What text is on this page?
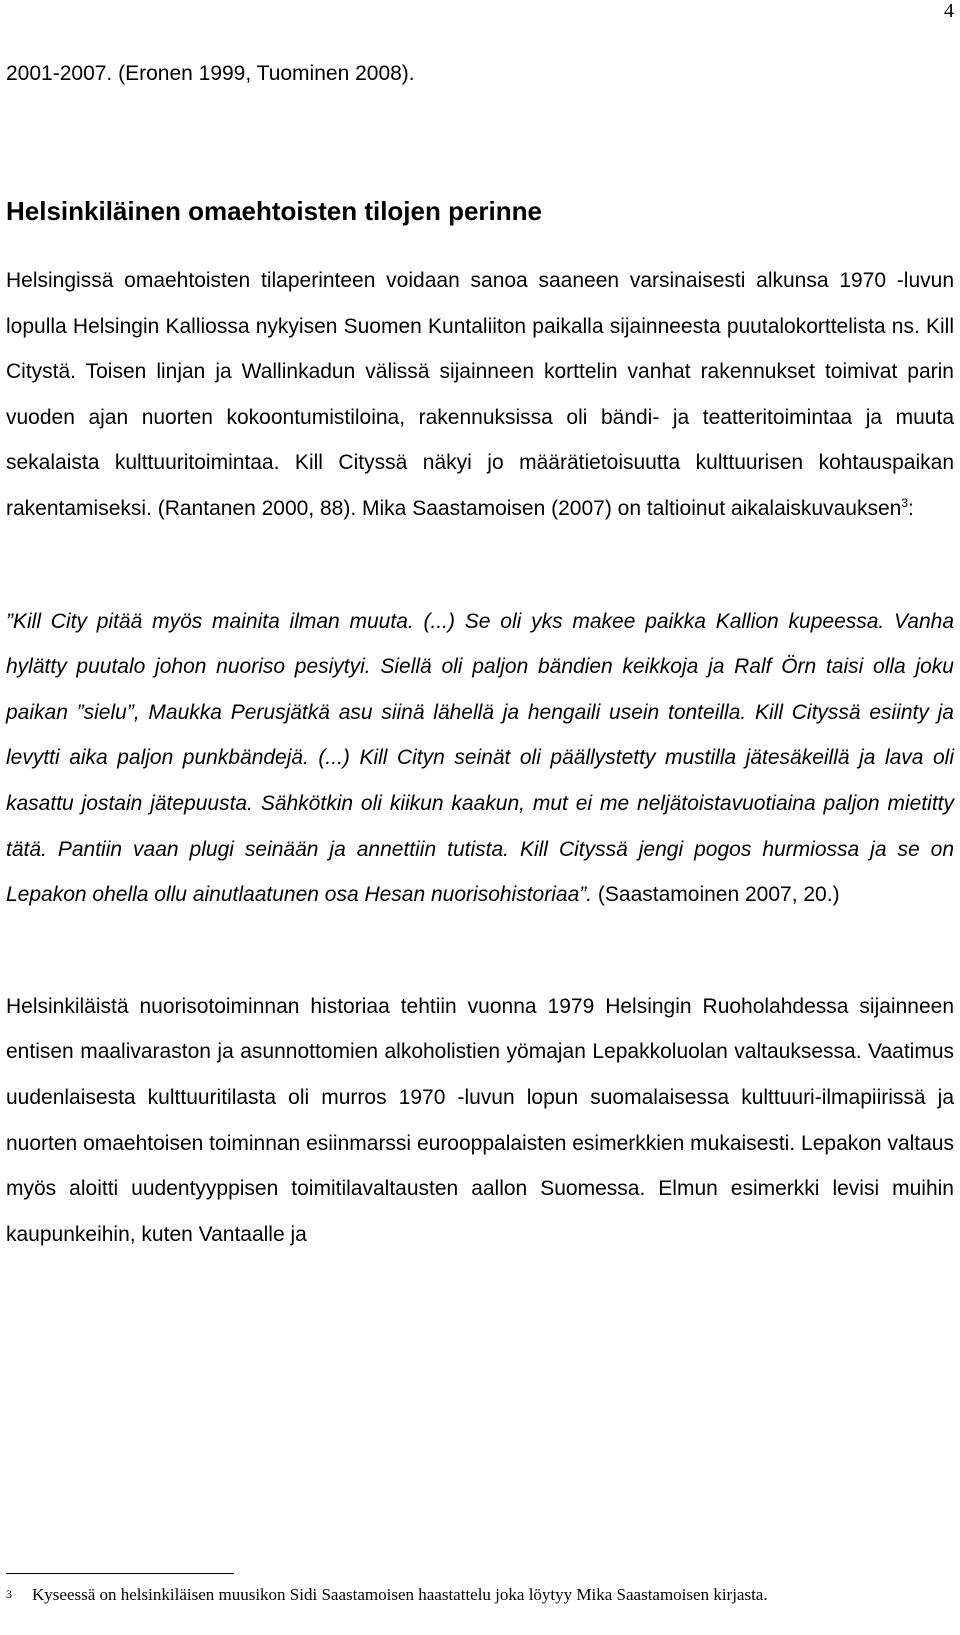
4

2001-2007. (Eronen 1999, Tuominen 2008).

Helsinkiläinen omaehtoisten tilojen perinne

Helsingissä omaehtoisten tilaperinteen voidaan sanoa saaneen varsinaisesti alkunsa 1970 -luvun lopulla Helsingin Kalliossa nykyisen Suomen Kuntaliiton paikalla sijainneesta puutalokorttelista ns. Kill Citystä. Toisen linjan ja Wallinkadun välissä sijainneen korttelin vanhat rakennukset toimivat parin vuoden ajan nuorten kokoontumistiloina, rakennuksissa oli bändi- ja teatteritoimintaa ja muuta sekalaista kulttuuritoimintaa. Kill Cityssä näkyi jo määrätietoisuutta kulttuurisen kohtauspaikan rakentamiseksi. (Rantanen 2000, 88). Mika Saastamoisen (2007) on taltioinut aikalaiskuvauksen$^3$:

”Kill City pitää myös mainita ilman muuta. (...) Se oli yks makee paikka Kallion kupeessa. Vanha hylätty puutalo johon nuoriso pesiytyi. Siellä oli paljon bändien keikkoja ja Ralf Örn taisi olla joku paikan ”sielu”, Maukka Perusjätkä asu siinä lähellä ja hengaili usein tonteilla. Kill Cityssä esiinty ja levytti aika paljon punkbändejä. (...) Kill Cityn seinät oli päällystetty mustilla jätesäkeillä ja lava oli kasattu jostain jätepuusta. Sähkötkin oli kiikun kaakun, mut ei me neljätoistavuotiaina paljon mietitty tätä. Pantiin vaan plugi seinään ja annettiin tutista. Kill Cityssä jengi pogos hurmiossa ja se on Lepakon ohella ollu ainutlaatunen osa Hesan nuorisohistoriaa”. (Saastamoinen 2007, 20.)

Helsinkiläistä nuorisotoiminnan historiaa tehtiin vuonna 1979 Helsingin Ruoholahdessa sijainneen entisen maalivaraston ja asunnottomien alkoholistien yömajan Lepakkoluolan valtauksessa. Vaatimus uudenlaisesta kulttuuritilasta oli murros 1970 -luvun lopun suomalaisessa kulttuuri-ilmapiirissä ja nuorten omaehtoisen toiminnan esiinmarssi eurooppalaisten esimerkkien mukaisesti. Lepakon valtaus myös aloitti uudentyyppisen toimitilavaltausten aallon Suomessa. Elmun esimerkki levisi muihin kaupunkeihin, kuten Vantaalle ja

3	Kyseessä on helsinkiläisen muusikon Sidi Saastamoisen haastattelu joka löytyy Mika Saastamoisen kirjasta.
